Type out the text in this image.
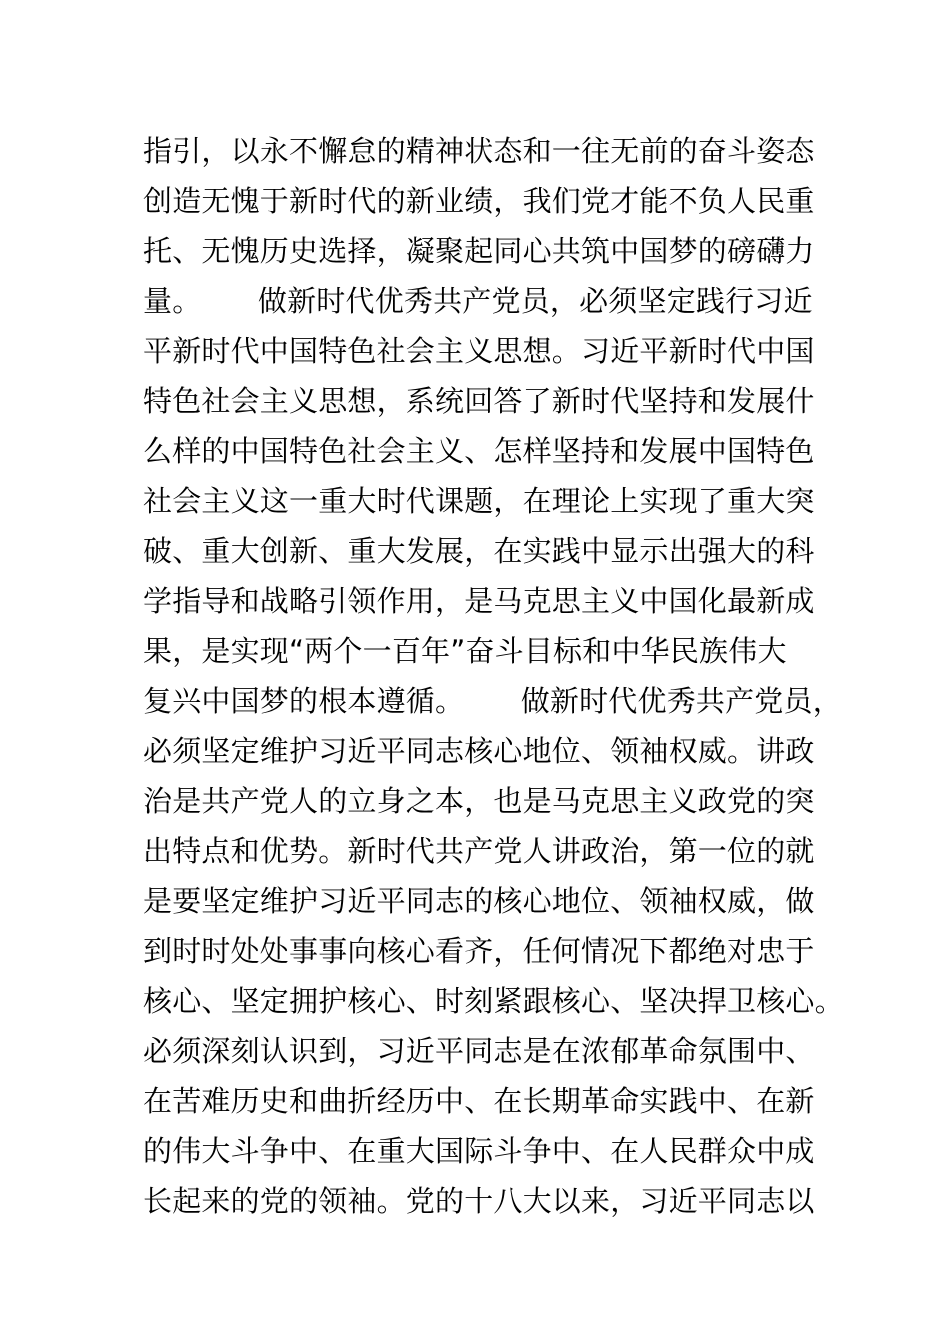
指引，以永不懈怠的精神状态和一往无前的奋斗姿态
创造无愧于新时代的新业绩，我们党才能不负人民重
托、无愧历史选择，凝聚起同心共筑中国梦的磅礴力
量。      做新时代优秀共产党员，必须坚定践行习近
平新时代中国特色社会主义思想。习近平新时代中国
特色社会主义思想，系统回答了新时代坚持和发展什
么样的中国特色社会主义、怎样坚持和发展中国特色
社会主义这一重大时代课题，在理论上实现了重大突
破、重大创新、重大发展，在实践中显示出强大的科
学指导和战略引领作用，是马克思主义中国化最新成
果，是实现“两个一百年”奋斗目标和中华民族伟大
复兴中国梦的根本遵循。      做新时代优秀共产党员，
必须坚定维护习近平同志核心地位、领袖权威。讲政
治是共产党人的立身之本，也是马克思主义政党的突
出特点和优势。新时代共产党人讲政治，第一位的就
是要坚定维护习近平同志的核心地位、领袖权威，做
到时时处处事事向核心看齐，任何情况下都绝对忠于
核心、坚定拥护核心、时刻紧跟核心、坚决捍卫核心。
必须深刻认识到，习近平同志是在浓郁革命氛围中、
在苦难历史和曲折经历中、在长期革命实践中、在新
的伟大斗争中、在重大国际斗争中、在人民群众中成
长起来的党的领袖。党的十八大以来，习近平同志以
